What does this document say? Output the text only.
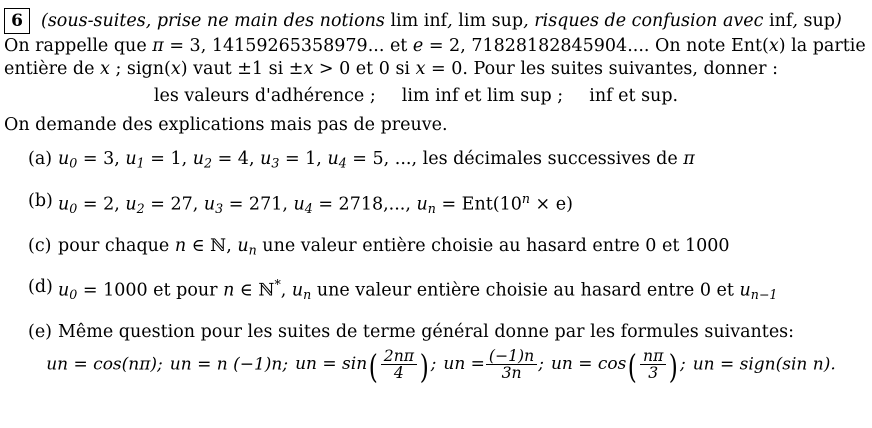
6	(sous-suites, prise ne main des notions lim inf, lim sup, risques de confusion avec inf, sup)
On rappelle que π = 3, 14159265358979... et e = 2, 71828182845904.... On note Ent(x) la partie
entière de x ; sign(x) vaut ±1 si ±x > 0 et 0 si x = 0. Pour les suites suivantes, donner :
les valeurs d'adhérence ; lim inf et lim sup ; inf et sup.
On demande des explications mais pas de preuve.
(a) $u_0 = 3$, $u_1 = 1$, $u_2 = 4$, $u_3 = 1$, $u_4 = 5$, ..., les décimales successives de π
(b) $u_0 = 2$, $u_2 = 27$, $u_3 = 271$, $u_4 = 2718$,..., $u_n = Ent(10^n \times e)$
(c) pour chaque n ∈ ℕ, $u_n$ une valeur entière choisie au hasard entre 0 et 1000
(d) $u_0 = 1000$ et pour n ∈ ℕ*, $u_n$ une valeur entière choisie au hasard entre 0 et $u_{n-1}$
(e) Même question pour les suites de terme général donne par les formules suivantes:
un = cos(nπ); un = n (−1)n; un = $\sin( \frac{2n\pi}{4}$ ) ; un = $\frac{(-1)n}{3n}$ ; un = $\cos( \frac{n\pi}{3}$ ) ; un = sign(sin n).
